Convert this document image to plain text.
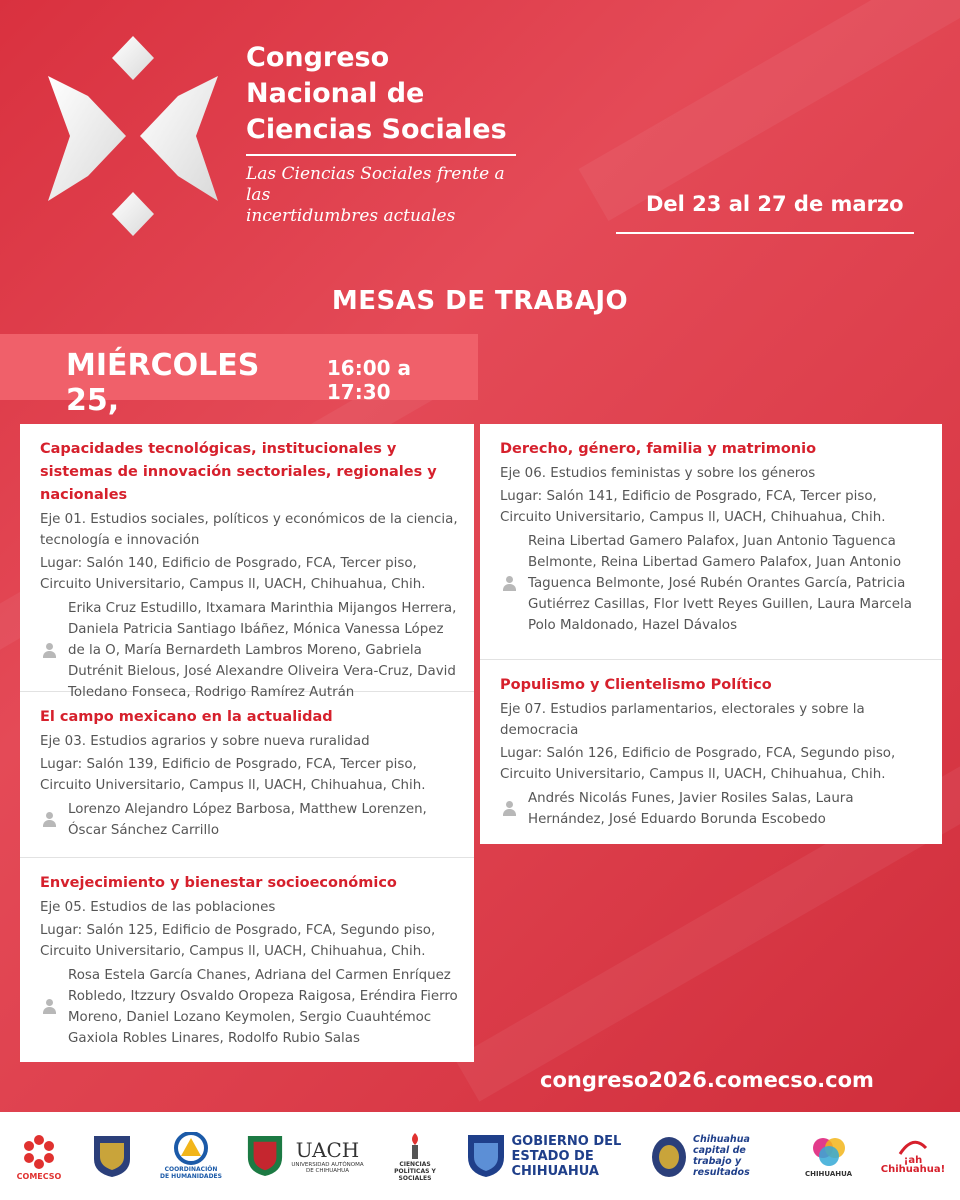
Congreso
Nacional de
Ciencias Sociales
Las Ciencias Sociales frente a las
incertidumbres actuales	Del 23 al 27 de marzo
MESAS DE TRABAJO
MIÉRCOLES 25,
16:00 a 17:30
Capacidades tecnológicas, institucionales y sistemas de innovación sectoriales, regionales y nacionales
Eje 01. Estudios sociales, políticos y económicos de la ciencia, tecnología e innovación
Lugar: Salón 140, Edificio de Posgrado, FCA, Tercer piso, Circuito Universitario, Campus ll, UACH, Chihuahua, Chih.
Erika Cruz Estudillo, Itxamara Marinthia Mijangos Herrera, Daniela Patricia Santiago Ibáñez, Mónica Vanessa López de la O, María Bernardeth Lambros Moreno, Gabriela Dutrénit Bielous, José Alexandre Oliveira Vera-Cruz, David Toledano Fonseca, Rodrigo Ramírez Autrán
El campo mexicano en la actualidad
Eje 03. Estudios agrarios y sobre nueva ruralidad
Lugar: Salón 139, Edificio de Posgrado, FCA, Tercer piso, Circuito Universitario, Campus ll, UACH, Chihuahua, Chih.
Lorenzo Alejandro López Barbosa, Matthew Lorenzen, Óscar Sánchez Carrillo
Envejecimiento y bienestar socioeconómico
Eje 05. Estudios de las poblaciones
Lugar: Salón 125, Edificio de Posgrado, FCA, Segundo piso, Circuito Universitario, Campus ll, UACH, Chihuahua, Chih.
Rosa Estela García Chanes, Adriana del Carmen Enríquez Robledo, Itzzury Osvaldo Oropeza Raigosa, Eréndira Fierro Moreno, Daniel Lozano Keymolen, Sergio Cuauhtémoc Gaxiola Robles Linares, Rodolfo Rubio Salas
Derecho, género, familia y matrimonio
Eje 06. Estudios feministas y sobre los géneros
Lugar: Salón 141, Edificio de Posgrado, FCA, Tercer piso, Circuito Universitario, Campus ll, UACH, Chihuahua, Chih.
Reina Libertad Gamero Palafox, Juan Antonio Taguenca Belmonte, Reina Libertad Gamero Palafox, Juan Antonio Taguenca Belmonte, José Rubén Orantes García, Patricia Gutiérrez Casillas, Flor Ivett Reyes Guillen, Laura Marcela Polo Maldonado, Hazel Dávalos
Populismo y Clientelismo Político
Eje 07. Estudios parlamentarios, electorales y sobre la democracia
Lugar: Salón 126, Edificio de Posgrado, FCA, Segundo piso, Circuito Universitario, Campus ll, UACH, Chihuahua, Chih.
Andrés Nicolás Funes, Javier Rosiles Salas, Laura Hernández, José Eduardo Borunda Escobedo
congreso2026.comecso.com
COMECSO
COORDINACIÓN DE HUMANIDADES
UACH
UNIVERSIDAD AUTÓNOMA DE CHIHUAHUA
CIENCIAS POLÍTICAS Y SOCIALES
GOBIERNO DEL ESTADO DE CHIHUAHUA
Chihuahua capital de trabajo y resultados	CHIHUAHUA
¡ah Chihuahua!
